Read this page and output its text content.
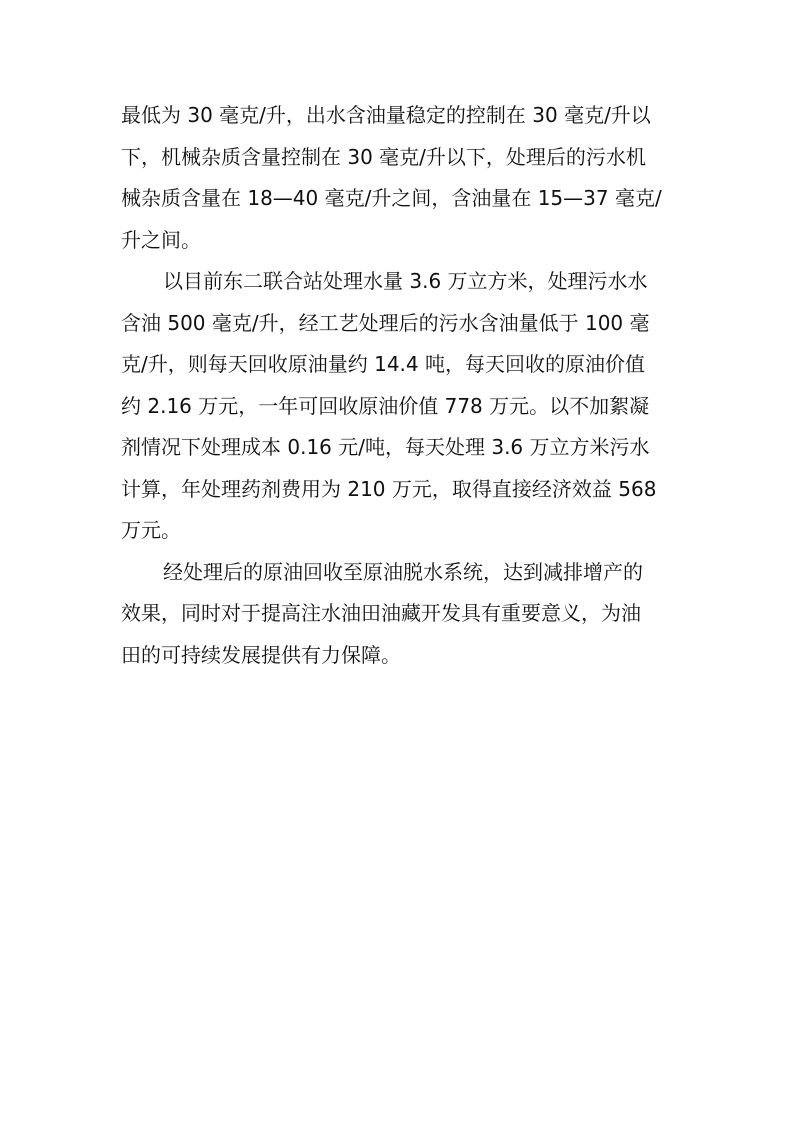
最低为 30 毫克/升，出水含油量稳定的控制在 30 毫克/升以
下，机械杂质含量控制在 30 毫克/升以下，处理后的污水机
械杂质含量在 18—40 毫克/升之间，含油量在 15—37 毫克/
升之间。
以目前东二联合站处理水量 3.6 万立方米，处理污水水
含油 500 毫克/升，经工艺处理后的污水含油量低于 100 毫
克/升，则每天回收原油量约 14.4 吨，每天回收的原油价值
约 2.16 万元，一年可回收原油价值 778 万元。以不加絮凝
剂情况下处理成本 0.16 元/吨，每天处理 3.6 万立方米污水
计算，年处理药剂费用为 210 万元，取得直接经济效益 568
万元。
经处理后的原油回收至原油脱水系统，达到减排增产的
效果，同时对于提高注水油田油藏开发具有重要意义，为油
田的可持续发展提供有力保障。
